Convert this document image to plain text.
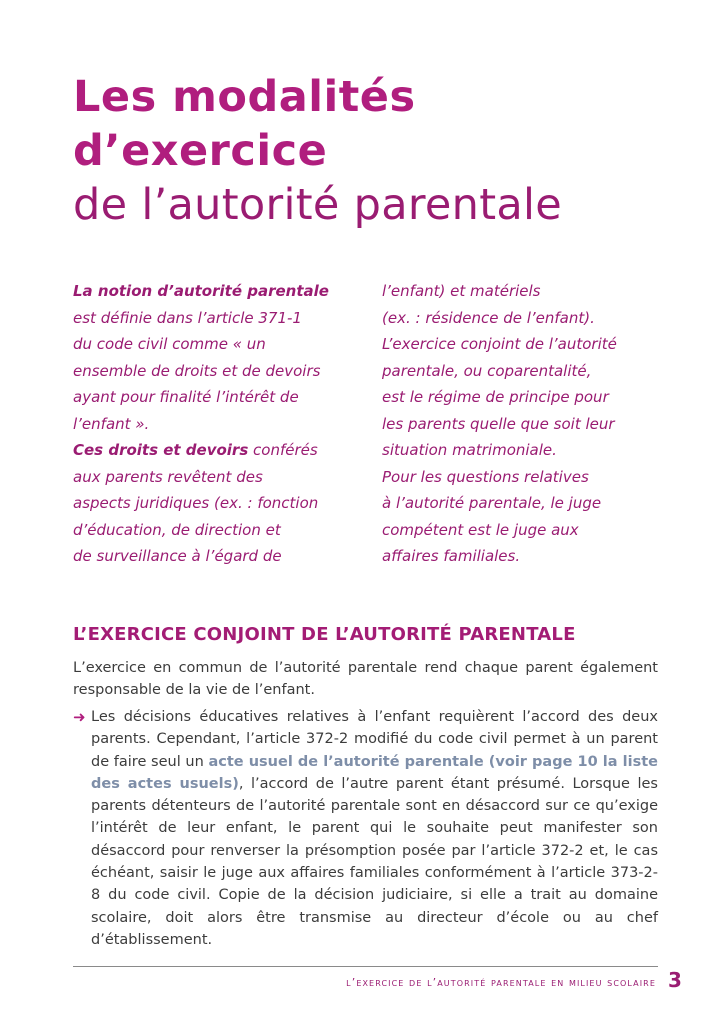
Les modalités
d’exercice
de l’autorité parentale

La notion d’autorité parentale

est définie dans l’article 371-1

du code civil comme « un

ensemble de droits et de devoirs

ayant pour finalité l’intérêt de

l’enfant ».

Ces droits et devoirs conférés

aux parents revêtent des

aspects juridiques (ex. : fonction

d’éducation, de direction et

de surveillance à l’égard de

l’enfant) et matériels

(ex. : résidence de l’enfant).

L’exercice conjoint de l’autorité

parentale, ou coparentalité,

est le régime de principe pour

les parents quelle que soit leur

situation matrimoniale.

Pour les questions relatives

à l’autorité parentale, le juge

compétent est le juge aux

affaires familiales.

L’EXERCICE CONJOINT DE L’AUTORITÉ PARENTALE
L’exercice en commun de l’autorité parentale rend chaque parent également responsable de la vie de l’enfant.
➜ Les décisions éducatives relatives à l’enfant requièrent l’accord des deux parents. Cependant, l’article 372-2 modifié du code civil permet à un parent de faire seul un acte usuel de l’autorité parentale (voir page 10 la liste des actes usuels), l’accord de l’autre parent étant présumé. Lorsque les parents détenteurs de l’autorité parentale sont en désaccord sur ce qu’exige l’intérêt de leur enfant, le parent qui le souhaite peut manifester son désaccord pour renverser la présomption posée par l’article 372-2 et, le cas échéant, saisir le juge aux affaires familiales conformément à l’article 373-2-8 du code civil. Copie de la décision judiciaire, si elle a trait au domaine scolaire, doit alors être transmise au directeur d’école ou au chef d’établissement.
l’exercice de l’autorité parentale en milieu scolaire 3
